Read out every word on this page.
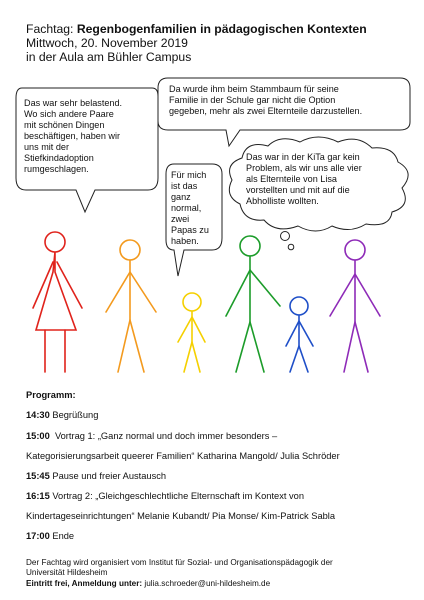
Fachtag: Regenbogenfamilien in pädagogischen Kontexten
Mittwoch, 20. November 2019
in der Aula am Bühler Campus
Da wurde ihm beim Stammbaum für seine
Familie in der Schule gar nicht die Option
gegeben, mehr als zwei Elternteile darzustellen.
Das war sehr belastend.
Wo sich andere Paare
mit schönen Dingen
beschäftigen, haben wir
uns mit der
Stiefkindadoption
rumgeschlagen.
Für mich
ist das
ganz
normal,
zwei
Papas zu
haben.
Das war in der KiTa gar kein
Problem, als wir uns alle vier
als Elternteile von Lisa
vorstellten und mit auf die
Abholliste wollten.
Programm:
14:30 Begrüßung
15:00  Vortrag 1: „Ganz normal und doch immer besonders –
Kategorisierungsarbeit queerer Familien“ Katharina Mangold/ Julia Schröder
15:45 Pause und freier Austausch
16:15 Vortrag 2: „Gleichgeschlechtliche Elternschaft im Kontext von
Kindertageseinrichtungen“ Melanie Kubandt/ Pia Monse/ Kim-Patrick Sabla
17:00 Ende
Der Fachtag wird organisiert vom Institut für Sozial- und Organisationspädagogik der
Universität Hildesheim
Eintritt frei, Anmeldung unter: julia.schroeder@uni-hildesheim.de
